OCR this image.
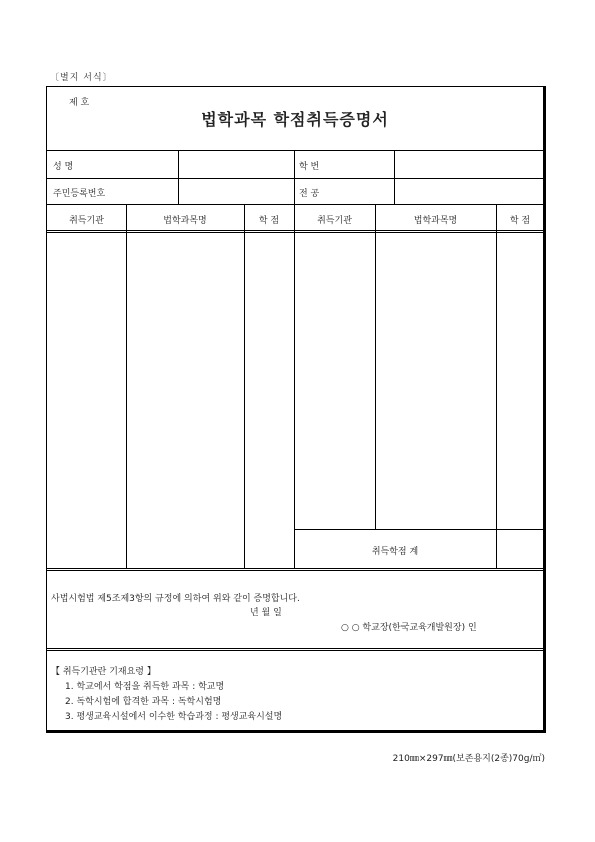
〔별지 서식〕
제 호
법학과목 학점취득증명서
성 명	학 번
주민등록번호	전 공
취득기관	법학과목명	학 점	취득기관	법학과목명	학 점
취득학점 계
사법시험법 제5조제3항의 규정에 의하여 위와 같이 증명합니다.
년 월 일
○ ○ 학교장(한국교육개발원장) 인
【 취득기관란 기재요령 】
1. 학교에서 학점을 취득한 과목 : 학교명
2. 독학시험에 합격한 과목 : 독학시험명
3. 평생교육시설에서 이수한 학습과정 : 평생교육시설명
210㎜×297㎜(보존용지(2종)70g/㎡)
